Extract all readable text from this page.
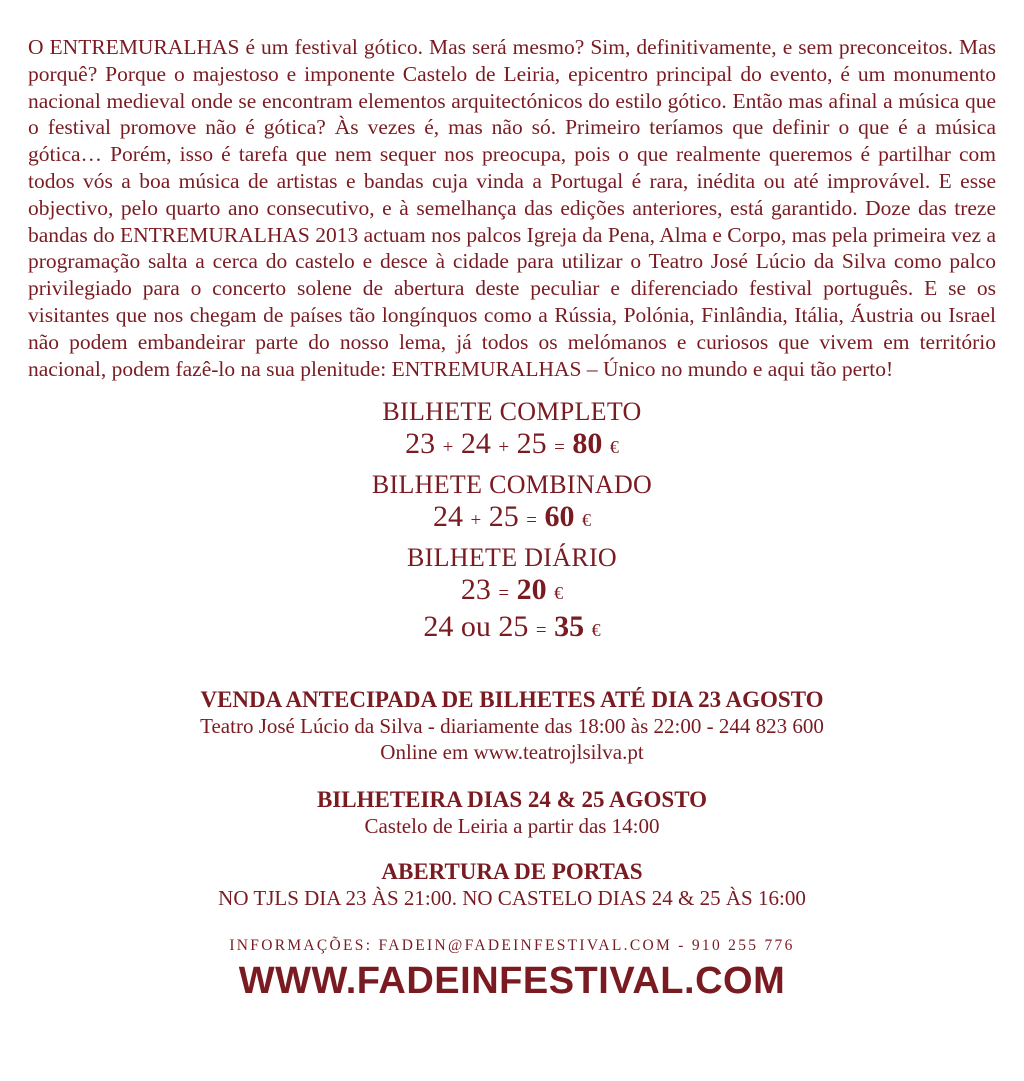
O ENTREMURALHAS é um festival gótico. Mas será mesmo? Sim, definitivamente, e sem preconceitos. Mas porquê? Porque o majestoso e imponente Castelo de Leiria, epicentro principal do evento, é um monumento nacional medieval onde se encontram elementos arquitectónicos do estilo gótico. Então mas afinal a música que o festival promove não é gótica? Às vezes é, mas não só. Primeiro teríamos que definir o que é a música gótica… Porém, isso é tarefa que nem sequer nos preocupa, pois o que realmente queremos é partilhar com todos vós a boa música de artistas e bandas cuja vinda a Portugal é rara, inédita ou até improvável. E esse objectivo, pelo quarto ano consecutivo, e à semelhança das edições anteriores, está garantido. Doze das treze bandas do ENTREMURALHAS 2013 actuam nos palcos Igreja da Pena, Alma e Corpo, mas pela primeira vez a programação salta a cerca do castelo e desce à cidade para utilizar o Teatro José Lúcio da Silva como palco privilegiado para o concerto solene de abertura deste peculiar e diferenciado festival português. E se os visitantes que nos chegam de países tão longínquos como a Rússia, Polónia, Finlândia, Itália, Áustria ou Israel não podem embandeirar parte do nosso lema, já todos os melómanos e curiosos que vivem em território nacional, podem fazê-lo na sua plenitude: ENTREMURALHAS – Único no mundo e aqui tão perto!

BILHETE COMPLETO
23 + 24 + 25 = 80 €
BILHETE COMBINADO
24 + 25 = 60 €
BILHETE DIÁRIO
23 = 20 €
24 ou 25 = 35 €
VENDA ANTECIPADA DE BILHETES ATÉ DIA 23 AGOSTO
Teatro José Lúcio da Silva - diariamente das 18:00 às 22:00 - 244 823 600
Online em www.teatrojlsilva.pt
BILHETEIRA DIAS 24 & 25 AGOSTO
Castelo de Leiria a partir das 14:00
ABERTURA DE PORTAS
NO TJLS DIA 23 ÀS 21:00. NO CASTELO DIAS 24 & 25 ÀS 16:00
INFORMAÇÕES: FADEIN@FADEINFESTIVAL.COM - 910 255 776
WWW.FADEINFESTIVAL.COM
